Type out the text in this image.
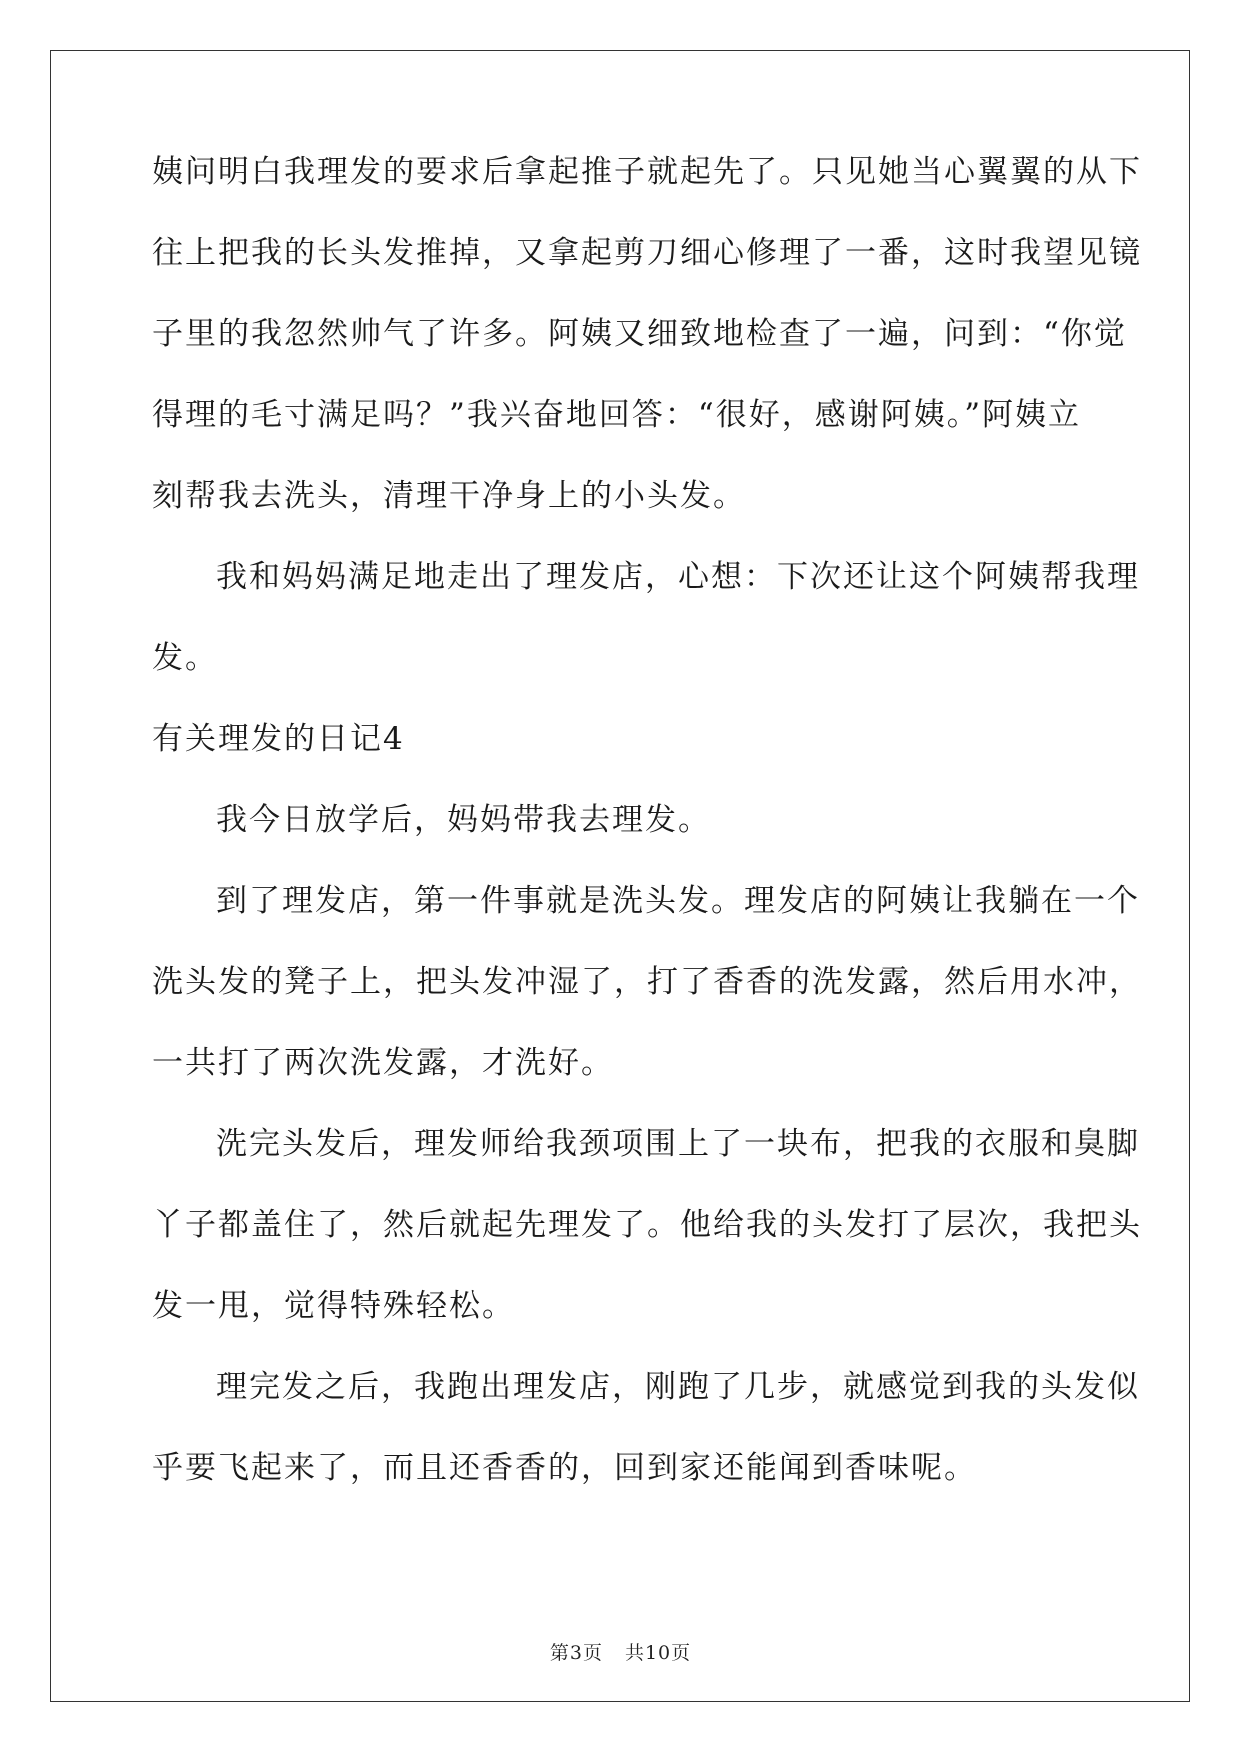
姨问明白我理发的要求后拿起推子就起先了。只见她当心翼翼的从下
往上把我的长头发推掉，又拿起剪刀细心修理了一番，这时我望见镜
子里的我忽然帅气了许多。阿姨又细致地检查了一遍，问到：“你觉
得理的毛寸满足吗？”我兴奋地回答：“很好，感谢阿姨。”阿姨立
刻帮我去洗头，清理干净身上的小头发。
我和妈妈满足地走出了理发店，心想：下次还让这个阿姨帮我理
发。
有关理发的日记4
我今日放学后，妈妈带我去理发。
到了理发店，第一件事就是洗头发。理发店的阿姨让我躺在一个
洗头发的凳子上，把头发冲湿了，打了香香的洗发露，然后用水冲，
一共打了两次洗发露，才洗好。
洗完头发后，理发师给我颈项围上了一块布，把我的衣服和臭脚
丫子都盖住了，然后就起先理发了。他给我的头发打了层次，我把头
发一甩，觉得特殊轻松。
理完发之后，我跑出理发店，刚跑了几步，就感觉到我的头发似
乎要飞起来了，而且还香香的，回到家还能闻到香味呢。
第3页 共10页
